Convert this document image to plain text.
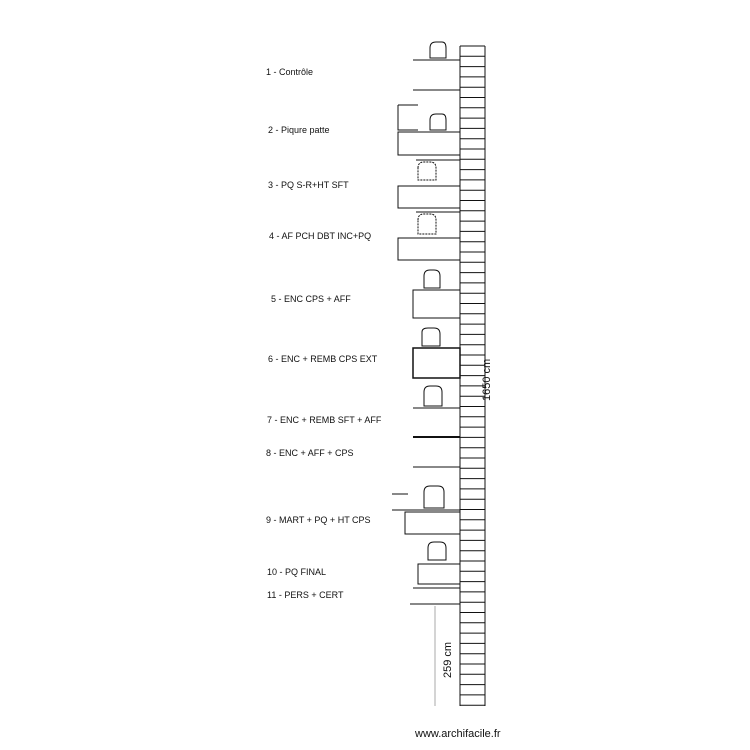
1 - Contrôle
2 - Piqure patte
3 - PQ S-R+HT SFT
4 - AF PCH DBT INC+PQ
5 - ENC CPS + AFF
6 - ENC + REMB CPS EXT
7 - ENC + REMB SFT + AFF
8 - ENC + AFF + CPS
9 - MART + PQ + HT CPS
10 - PQ FINAL
11 - PERS + CERT
1650 cm
259 cm
www.archifacile.fr
